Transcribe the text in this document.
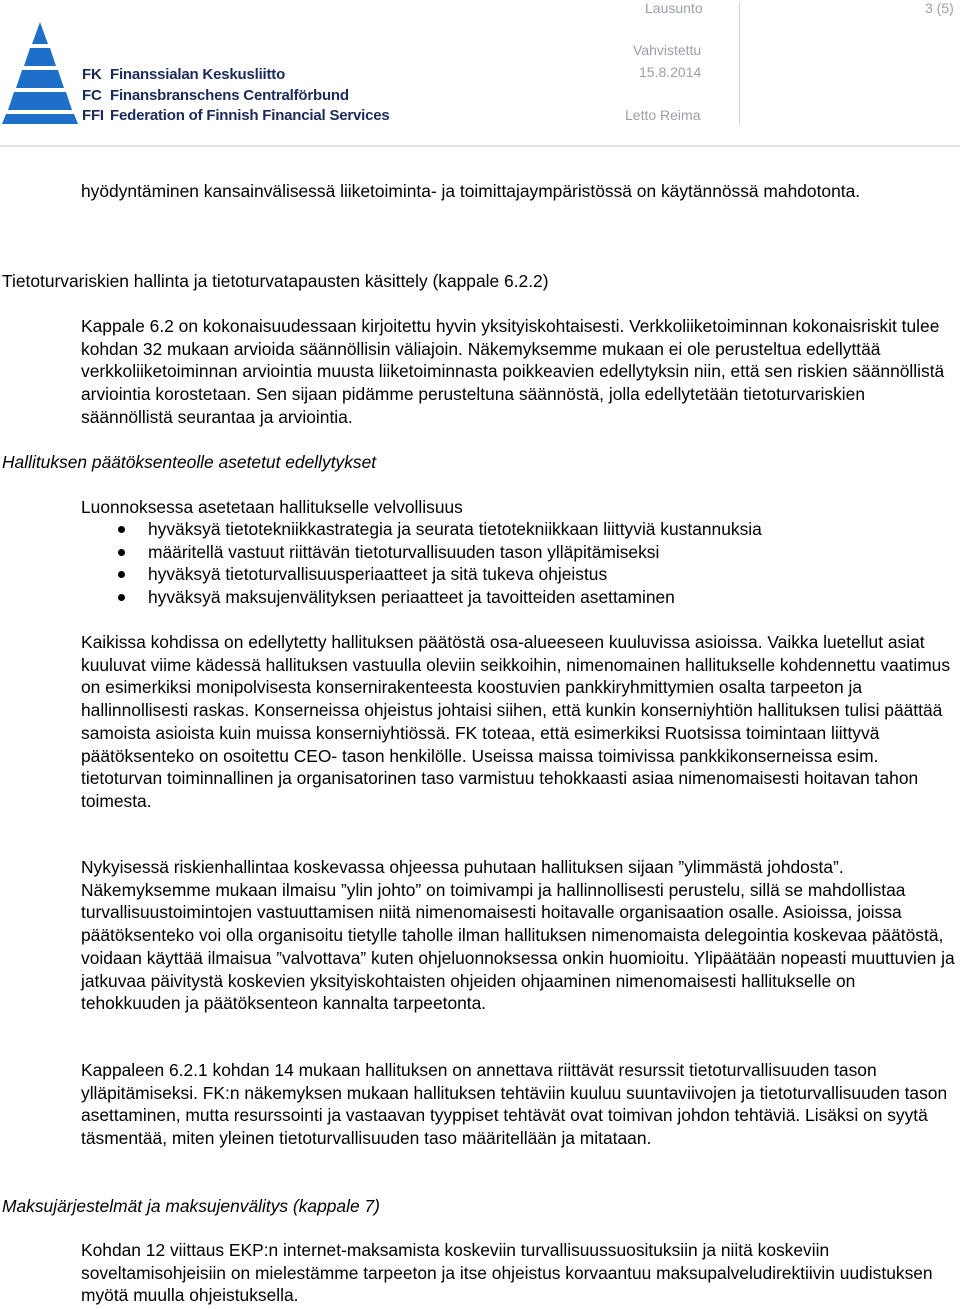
FK Finanssialan Keskusliitto
FC Finansbranschens Centralförbund
FFI Federation of Finnish Financial Services
Lausunto	3 (5)
Vahvistettu
15.8.2014
Letto Reima

hyödyntäminen kansainvälisessä liiketoiminta- ja toimittajaympäristössä on käytännössä mahdotonta.

Tietoturvariskien hallinta ja tietoturvatapausten käsittely (kappale 6.2.2)

Kappale 6.2 on kokonaisuudessaan kirjoitettu hyvin yksityiskohtaisesti. Verkkoliiketoiminnan kokonaisriskit tulee kohdan 32 mukaan arvioida säännöllisin väliajoin. Näkemyksemme mukaan ei ole perusteltua edellyttää verkkoliiketoiminnan arviointia muusta liiketoiminnasta poikkeavien edellytyksin niin, että sen riskien säännöllistä arviointia korostetaan. Sen sijaan pidämme perusteltuna säännöstä, jolla edellytetään tietoturvariskien säännöllistä seurantaa ja arviointia.

Hallituksen päätöksenteolle asetetut edellytykset

Luonnoksessa asetetaan hallitukselle velvollisuus

hyväksyä tietotekniikkastrategia ja seurata tietotekniikkaan liittyviä kustannuksia
määritellä vastuut riittävän tietoturvallisuuden tason ylläpitämiseksi
hyväksyä tietoturvallisuusperiaatteet ja sitä tukeva ohjeistus
hyväksyä maksujenvälityksen periaatteet ja tavoitteiden asettaminen

Kaikissa kohdissa on edellytetty hallituksen päätöstä osa-alueeseen kuuluvissa asioissa. Vaikka luetellut asiat kuuluvat viime kädessä hallituksen vastuulla oleviin seikkoihin, nimenomainen hallitukselle kohdennettu vaatimus on esimerkiksi monipolvisesta konsernirakenteesta koostuvien pankkiryhmittymien osalta tarpeeton ja hallinnollisesti raskas. Konserneissa ohjeistus johtaisi siihen, että kunkin konserniyhtiön hallituksen tulisi päättää samoista asioista kuin muissa konserniyhtiössä. FK toteaa, että esimerkiksi Ruotsissa toimintaan liittyvä päätöksenteko on osoitettu CEO- tason henkilölle. Useissa maissa toimivissa pankkikonserneissa esim. tietoturvan toiminnallinen ja organisatorinen taso varmistuu tehokkaasti asiaa nimenomaisesti hoitavan tahon toimesta.

Nykyisessä riskienhallintaa koskevassa ohjeessa puhutaan hallituksen sijaan ”ylimmästä johdosta”. Näkemyksemme mukaan ilmaisu ”ylin johto” on toimivampi ja hallinnollisesti perustelu, sillä se mahdollistaa turvallisuustoimintojen vastuuttamisen niitä nimenomaisesti hoitavalle organisaation osalle. Asioissa, joissa päätöksenteko voi olla organisoitu tietylle taholle ilman hallituksen nimenomaista delegointia koskevaa päätöstä, voidaan käyttää ilmaisua ”valvottava” kuten ohjeluonnoksessa onkin huomioitu. Ylipäätään nopeasti muuttuvien ja jatkuvaa päivitystä koskevien yksityiskohtaisten ohjeiden ohjaaminen nimenomaisesti hallitukselle on tehokkuuden ja päätöksenteon kannalta tarpeetonta.

Kappaleen 6.2.1 kohdan 14 mukaan hallituksen on annettava riittävät resurssit tietoturvallisuuden tason ylläpitämiseksi. FK:n näkemyksen mukaan hallituksen tehtäviin kuuluu suuntaviivojen ja tietoturvallisuuden tason asettaminen, mutta resurssointi ja vastaavan tyyppiset tehtävät ovat toimivan johdon tehtäviä. Lisäksi on syytä täsmentää, miten yleinen tietoturvallisuuden taso määritellään ja mitataan.

Maksujärjestelmät ja maksujenvälitys (kappale 7)

Kohdan 12 viittaus EKP:n internet-maksamista koskeviin turvallisuussuosituksiin ja niitä koskeviin soveltamisohjeisiin on mielestämme tarpeeton ja itse ohjeistus korvaantuu maksupalveludirektiivin uudistuksen myötä muulla ohjeistuksella.
